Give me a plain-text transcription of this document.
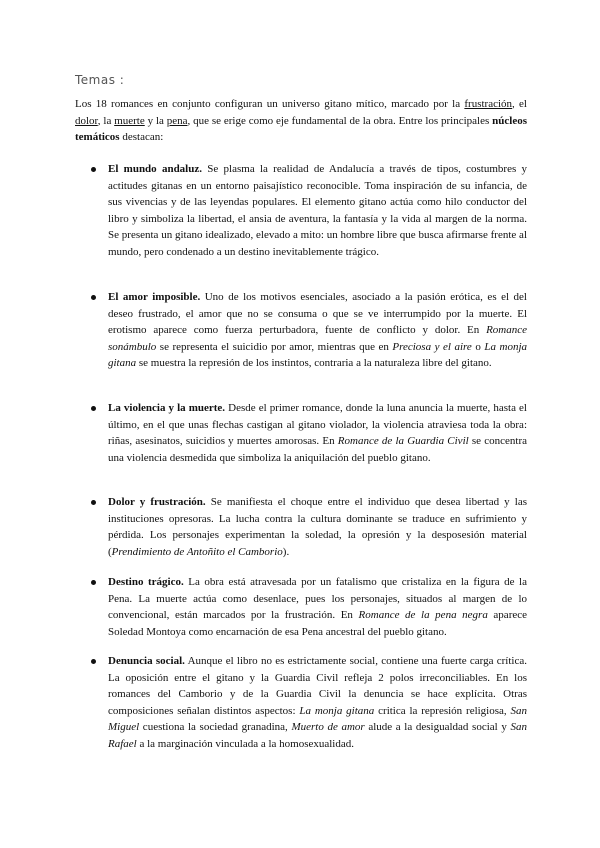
Temas :

Los 18 romances en conjunto configuran un universo gitano mítico, marcado por la frustración, el dolor, la muerte y la pena, que se erige como eje fundamental de la obra. Entre los principales núcleos temáticos destacan:

El mundo andaluz. Se plasma la realidad de Andalucía a través de tipos, costumbres y actitudes gitanas en un entorno paisajístico reconocible. Toma inspiración de su infancia, de sus vivencias y de las leyendas populares. El elemento gitano actúa como hilo conductor del libro y simboliza la libertad, el ansia de aventura, la fantasía y la vida al margen de la norma. Se presenta un gitano idealizado, elevado a mito: un hombre libre que busca afirmarse frente al mundo, pero condenado a un destino inevitablemente trágico.

El amor imposible. Uno de los motivos esenciales, asociado a la pasión erótica, es el del deseo frustrado, el amor que no se consuma o que se ve interrumpido por la muerte. El erotismo aparece como fuerza perturbadora, fuente de conflicto y dolor. En Romance sonámbulo se representa el suicidio por amor, mientras que en Preciosa y el aire o La monja gitana se muestra la represión de los instintos, contraria a la naturaleza libre del gitano.

La violencia y la muerte. Desde el primer romance, donde la luna anuncia la muerte, hasta el último, en el que unas flechas castigan al gitano violador, la violencia atraviesa toda la obra: riñas, asesinatos, suicidios y muertes amorosas. En Romance de la Guardia Civil se concentra una violencia desmedida que simboliza la aniquilación del pueblo gitano.

Dolor y frustración. Se manifiesta el choque entre el individuo que desea libertad y las instituciones opresoras. La lucha contra la cultura dominante se traduce en sufrimiento y pérdida. Los personajes experimentan la soledad, la opresión y la desposesión material (Prendimiento de Antoñito el Camborio).

Destino trágico. La obra está atravesada por un fatalismo que cristaliza en la figura de la Pena. La muerte actúa como desenlace, pues los personajes, situados al margen de lo convencional, están marcados por la frustración. En Romance de la pena negra aparece Soledad Montoya como encarnación de esa Pena ancestral del pueblo gitano.

Denuncia social. Aunque el libro no es estrictamente social, contiene una fuerte carga crítica. La oposición entre el gitano y la Guardia Civil refleja 2 polos irreconciliables. En los romances del Camborio y de la Guardia Civil la denuncia se hace explícita. Otras composiciones señalan distintos aspectos: La monja gitana critica la represión religiosa, San Miguel cuestiona la sociedad granadina, Muerto de amor alude a la desigualdad social y San Rafael a la marginación vinculada a la homosexualidad.
